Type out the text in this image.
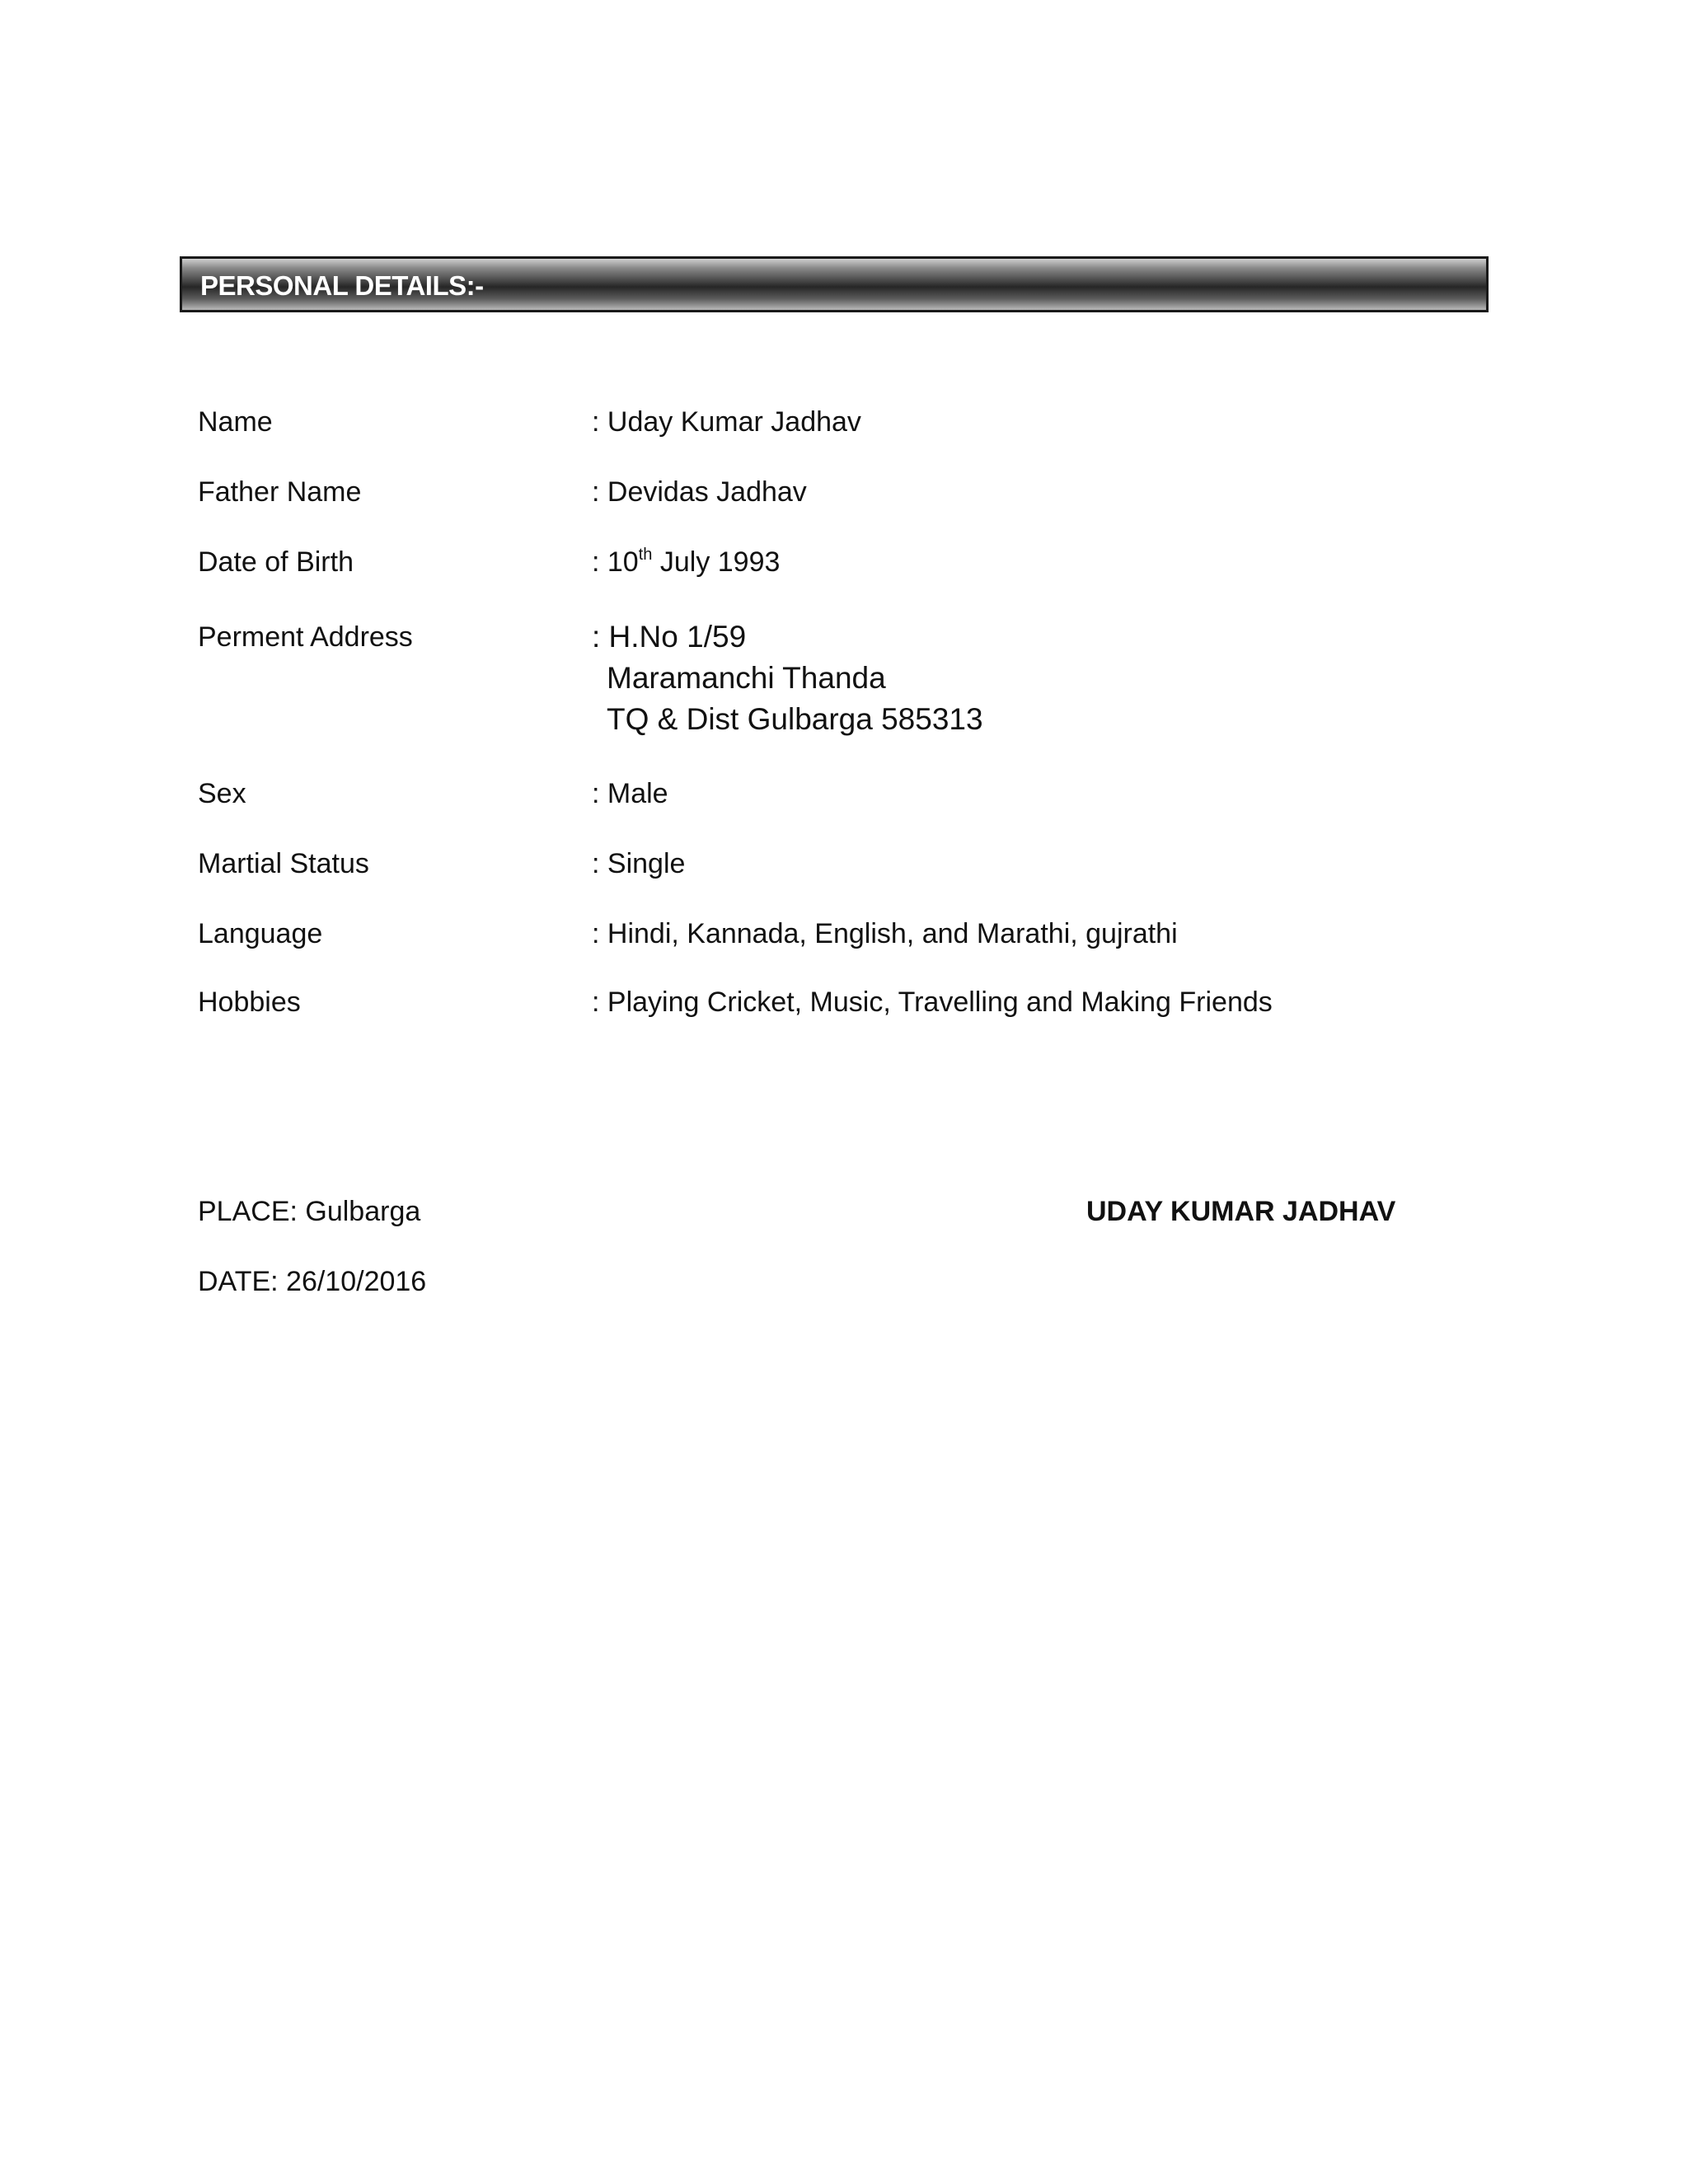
PERSONAL DETAILS:-
Name	: Uday Kumar Jadhav
Father Name	: Devidas Jadhav
Date of Birth	: 10th July 1993
Perment Address	: H.No 1/59
Maramanchi Thanda
TQ & Dist Gulbarga 585313
Sex	: Male
Martial Status	: Single
Language	: Hindi, Kannada, English, and Marathi, gujrathi
Hobbies	: Playing Cricket, Music, Travelling and Making Friends
PLACE: Gulbarga
DATE: 26/10/2016
UDAY KUMAR JADHAV
